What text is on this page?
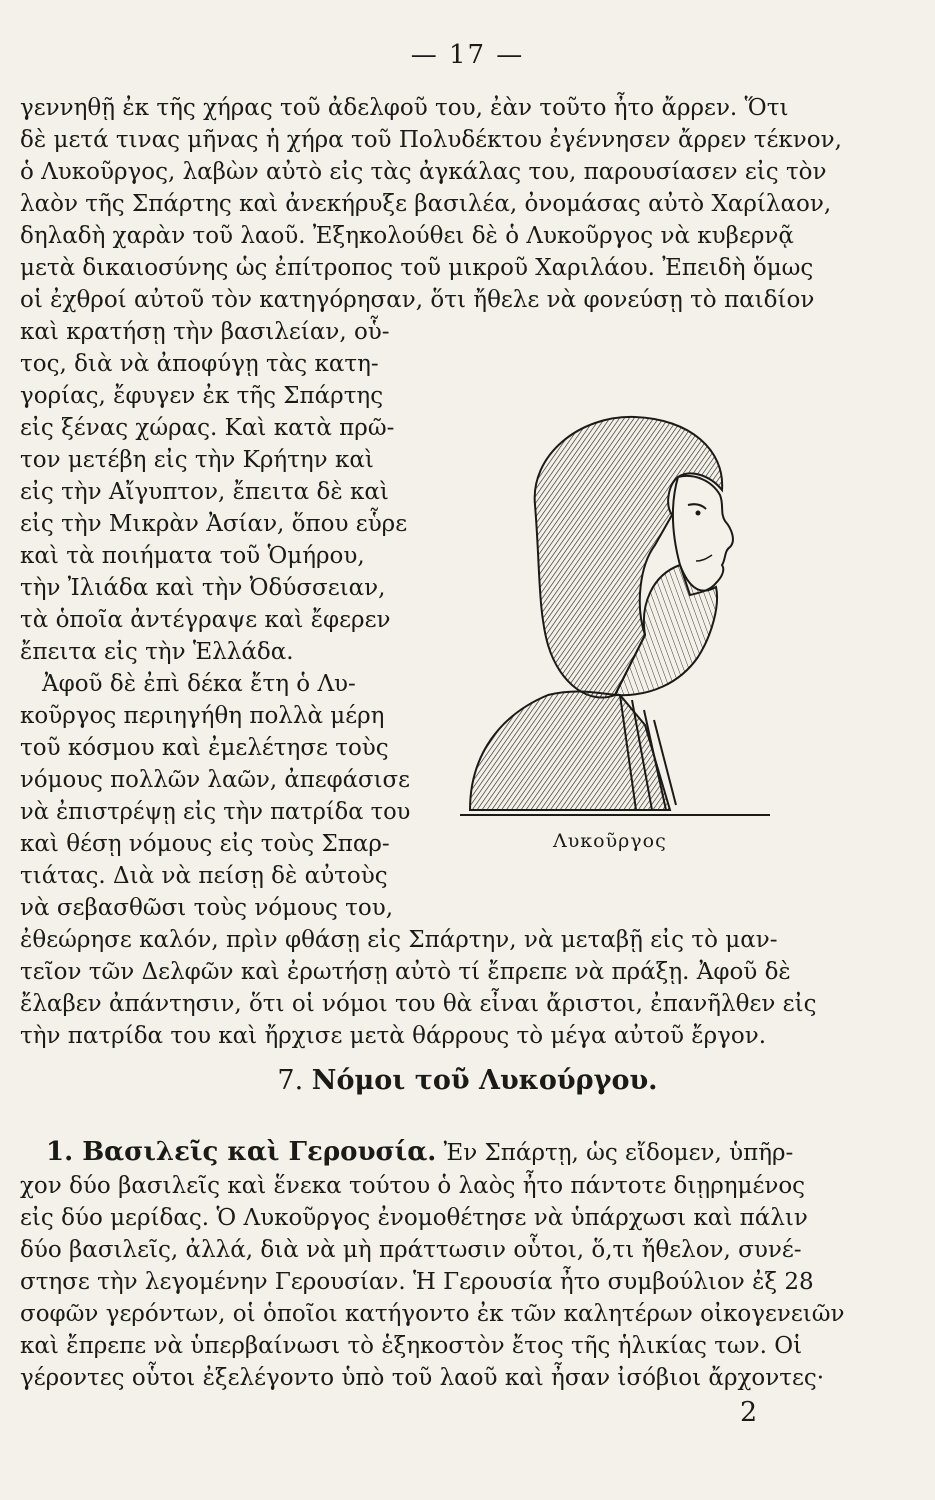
— 17 —
γεννηθῇ ἐκ τῆς χήρας τοῦ ἀδελφοῦ του, ἐὰν τοῦτο ἦτο ἄρρεν. Ὅτι
δὲ μετά τινας μῆνας ἡ χήρα τοῦ Πολυδέκτου ἐγέννησεν ἄρρεν τέκνον,
ὁ Λυκοῦργος, λαβὼν αὐτὸ εἰς τὰς ἀγκάλας του, παρουσίασεν εἰς τὸν
λαὸν τῆς Σπάρτης καὶ ἀνεκήρυξε βασιλέα, ὀνομάσας αὐτὸ Χαρίλαον,
δηλαδὴ χαρὰν τοῦ λαοῦ. Ἐξηκολούθει δὲ ὁ Λυκοῦργος νὰ κυβερνᾷ
μετὰ δικαιοσύνης ὡς ἐπίτροπος τοῦ μικροῦ Χαριλάου. Ἐπειδὴ ὅμως
οἱ ἐχθροί αὐτοῦ τὸν κατηγόρησαν, ὅτι ἤθελε νὰ φονεύσῃ τὸ παιδίον
καὶ κρατήσῃ τὴν βασιλείαν, οὗ-
τος, διὰ νὰ ἀποφύγῃ τὰς κατη-
γορίας, ἔφυγεν ἐκ τῆς Σπάρτης
εἰς ξένας χώρας. Καὶ κατὰ πρῶ-
τον μετέβη εἰς τὴν Κρήτην καὶ
εἰς τὴν Αἴγυπτον, ἔπειτα δὲ καὶ
εἰς τὴν Μικρὰν Ἀσίαν, ὅπου εὗρε
καὶ τὰ ποιήματα τοῦ Ὁμήρου,
τὴν Ἰλιάδα καὶ τὴν Ὀδύσσειαν,
τὰ ὁποῖα ἀντέγραψε καὶ ἔφερεν
ἔπειτα εἰς τὴν Ἑλλάδα.
Ἀφοῦ δὲ ἐπὶ δέκα ἔτη ὁ Λυ-
κοῦργος περιηγήθη πολλὰ μέρη
τοῦ κόσμου καὶ ἐμελέτησε τοὺς
νόμους πολλῶν λαῶν, ἀπεφάσισε
νὰ ἐπιστρέψῃ εἰς τὴν πατρίδα του
καὶ θέσῃ νόμους εἰς τοὺς Σπαρ-
τιάτας. Διὰ νὰ πείσῃ δὲ αὐτοὺς
νὰ σεβασθῶσι τοὺς νόμους του,
Λυκοῦργος
ἐθεώρησε καλόν, πρὶν φθάσῃ εἰς Σπάρτην, νὰ μεταβῇ εἰς τὸ μαν-
τεῖον τῶν Δελφῶν καὶ ἐρωτήσῃ αὐτὸ τί ἔπρεπε νὰ πράξῃ. Ἀφοῦ δὲ
ἔλαβεν ἀπάντησιν, ὅτι οἱ νόμοι του θὰ εἶναι ἄριστοι, ἐπανῆλθεν εἰς
τὴν πατρίδα του καὶ ἤρχισε μετὰ θάρρους τὸ μέγα αὐτοῦ ἔργον.
7. Νόμοι τοῦ Λυκούργου.
1. Βασιλεῖς καὶ Γερουσία. Ἐν Σπάρτῃ, ὡς εἴδομεν, ὑπῆρ-
χον δύο βασιλεῖς καὶ ἕνεκα τούτου ὁ λαὸς ἦτο πάντοτε διῃρημένος
εἰς δύο μερίδας. Ὁ Λυκοῦργος ἐνομοθέτησε νὰ ὑπάρχωσι καὶ πάλιν
δύο βασιλεῖς, ἀλλά, διὰ νὰ μὴ πράττωσιν οὗτοι, ὅ,τι ἤθελον, συνέ-
στησε τὴν λεγομένην Γερουσίαν. Ἡ Γερουσία ἦτο συμβούλιον ἐξ 28
σοφῶν γερόντων, οἱ ὁποῖοι κατήγοντο ἐκ τῶν καλητέρων οἰκογενειῶν
καὶ ἔπρεπε νὰ ὑπερβαίνωσι τὸ ἑξηκοστὸν ἔτος τῆς ἡλικίας των. Οἱ
γέροντες οὗτοι ἐξελέγοντο ὑπὸ τοῦ λαοῦ καὶ ἦσαν ἰσόβιοι ἄρχοντες·
2
